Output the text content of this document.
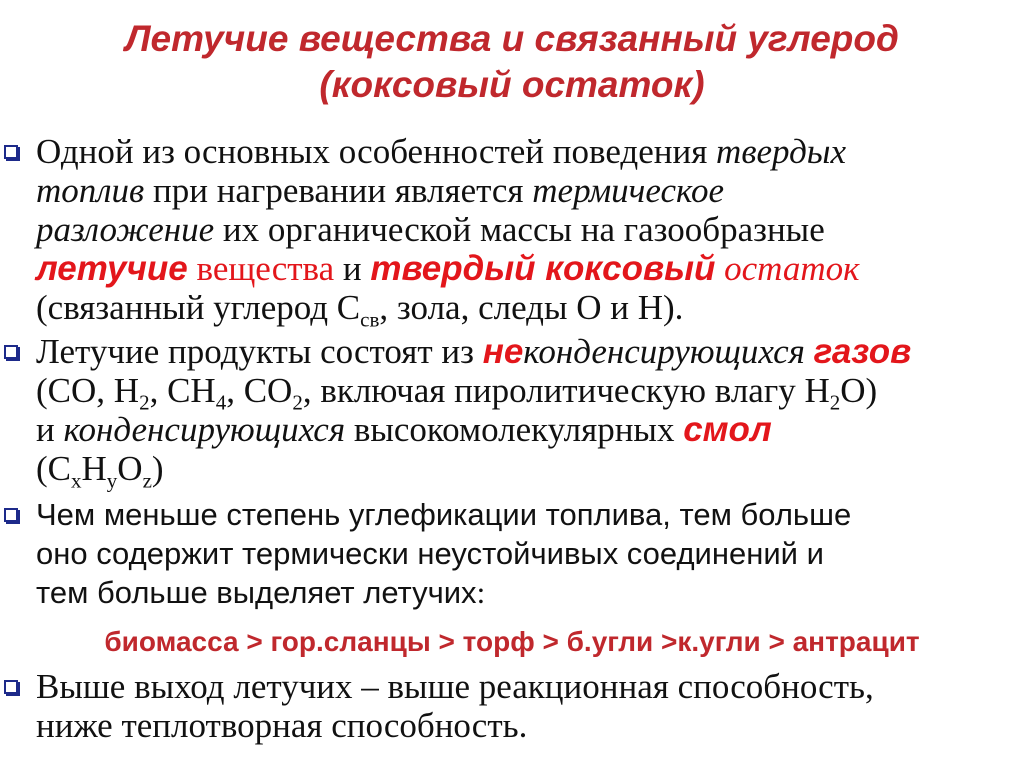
Летучие вещества и связанный углерод
(коксовый остаток)
Одной из основных особенностей поведения твердых
топлив при нагревании является термическое
разложение их органической массы на газообразные
летучие вещества и твердый коксовый остаток
(связанный углерод $С_{св}$, зола, следы О и Н).
Летучие продукты состоят из неконденсирующихся газов
(СО, $Н_2$, $СН_4$, $СО_2$, включая пиролитическую влагу $Н_2О$)
и конденсирующихся высокомолекулярных смол
$(С_xН_yО_z)$
Чем меньше степень углефикации топлива, тем больше
оно содержит термически неустойчивых соединений и
тем больше выделяет летучих:
биомасса > гор.сланцы > торф > б.угли >к.угли > антрацит
Выше выход летучих – выше реакционная способность,
ниже теплотворная способность.
